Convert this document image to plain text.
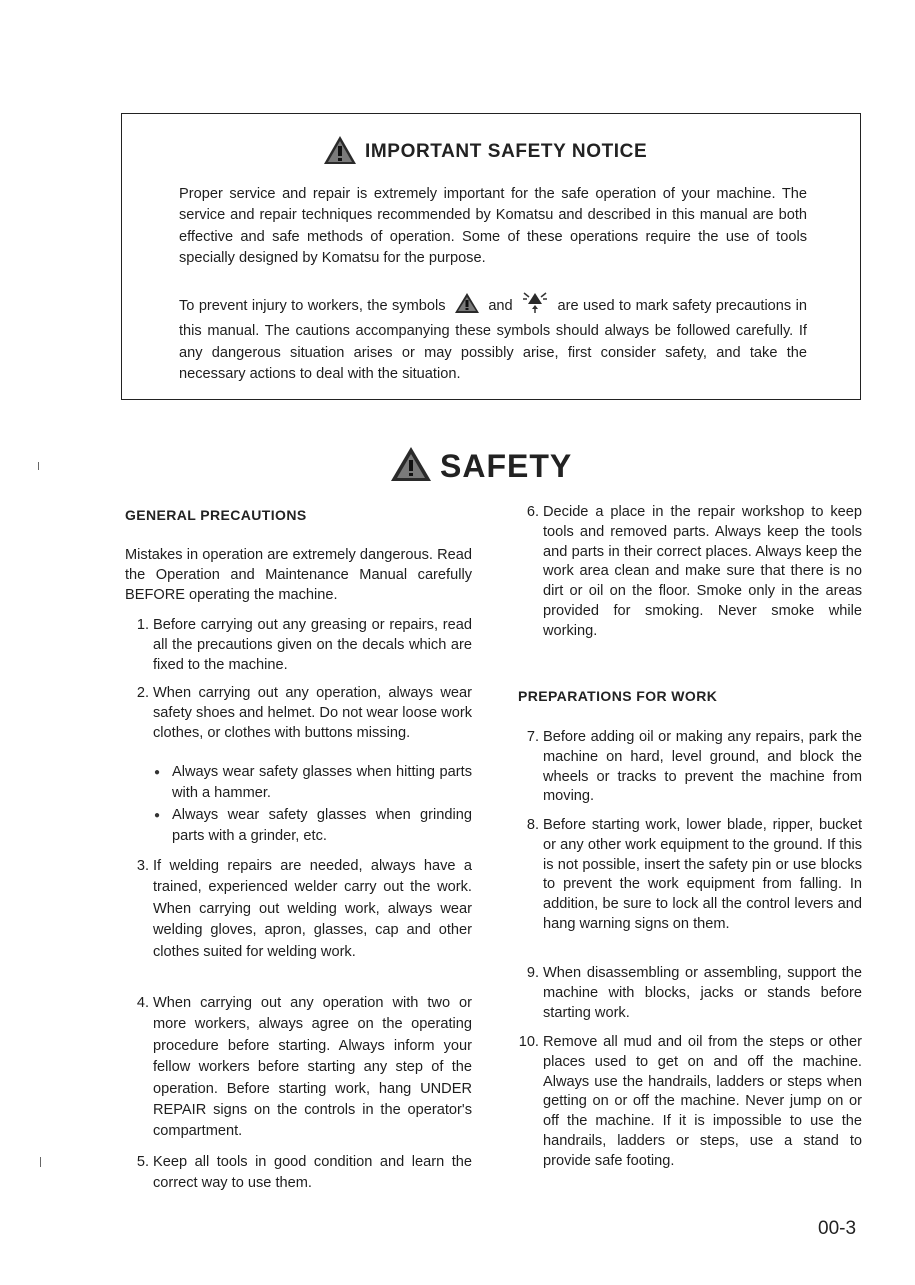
IMPORTANT SAFETY NOTICE

Proper service and repair is extremely important for the safe operation of your machine. The service and repair techniques recommended by Komatsu and described in this manual are both effective and safe methods of operation. Some of these operations require the use of tools specially designed by Komatsu for the purpose.

To prevent injury to workers, the symbols	and	are used to mark safety precautions in this manual. The cautions accompanying these symbols should always be followed carefully. If any dangerous situation arises or may possibly arise, first consider safety, and take the necessary actions to deal with the situation.

SAFETY
GENERAL PRECAUTIONS

Mistakes in operation are extremely dangerous. Read the Operation and Maintenance Manual carefully BEFORE operating the machine.

1. Before carrying out any greasing or repairs, read all the precautions given on the decals which are fixed to the machine.
2. When carrying out any operation, always wear safety shoes and helmet. Do not wear loose work clothes, or clothes with buttons missing.
● Always wear safety glasses when hitting parts with a hammer.
● Always wear safety glasses when grinding parts with a grinder, etc.
3. If welding repairs are needed, always have a trained, experienced welder carry out the work. When carrying out welding work, always wear welding gloves, apron, glasses, cap and other clothes suited for welding work.
4. When carrying out any operation with two or more workers, always agree on the operating procedure before starting. Always inform your fellow workers before starting any step of the operation. Before starting work, hang UNDER REPAIR signs on the controls in the operator's compartment.
5. Keep all tools in good condition and learn the correct way to use them.
6. Decide a place in the repair workshop to keep tools and removed parts. Always keep the tools and parts in their correct places. Always keep the work area clean and make sure that there is no dirt or oil on the floor. Smoke only in the areas provided for smoking. Never smoke while working.
PREPARATIONS FOR WORK
7. Before adding oil or making any repairs, park the machine on hard, level ground, and block the wheels or tracks to prevent the machine from moving.
8. Before starting work, lower blade, ripper, bucket or any other work equipment to the ground. If this is not possible, insert the safety pin or use blocks to prevent the work equipment from falling. In addition, be sure to lock all the control levers and hang warning signs on them.
9. When disassembling or assembling, support the machine with blocks, jacks or stands before starting work.
10. Remove all mud and oil from the steps or other places used to get on and off the machine. Always use the handrails, ladders or steps when getting on or off the machine. Never jump on or off the machine. If it is impossible to use the handrails, ladders or steps, use a stand to provide safe footing.
00-3
